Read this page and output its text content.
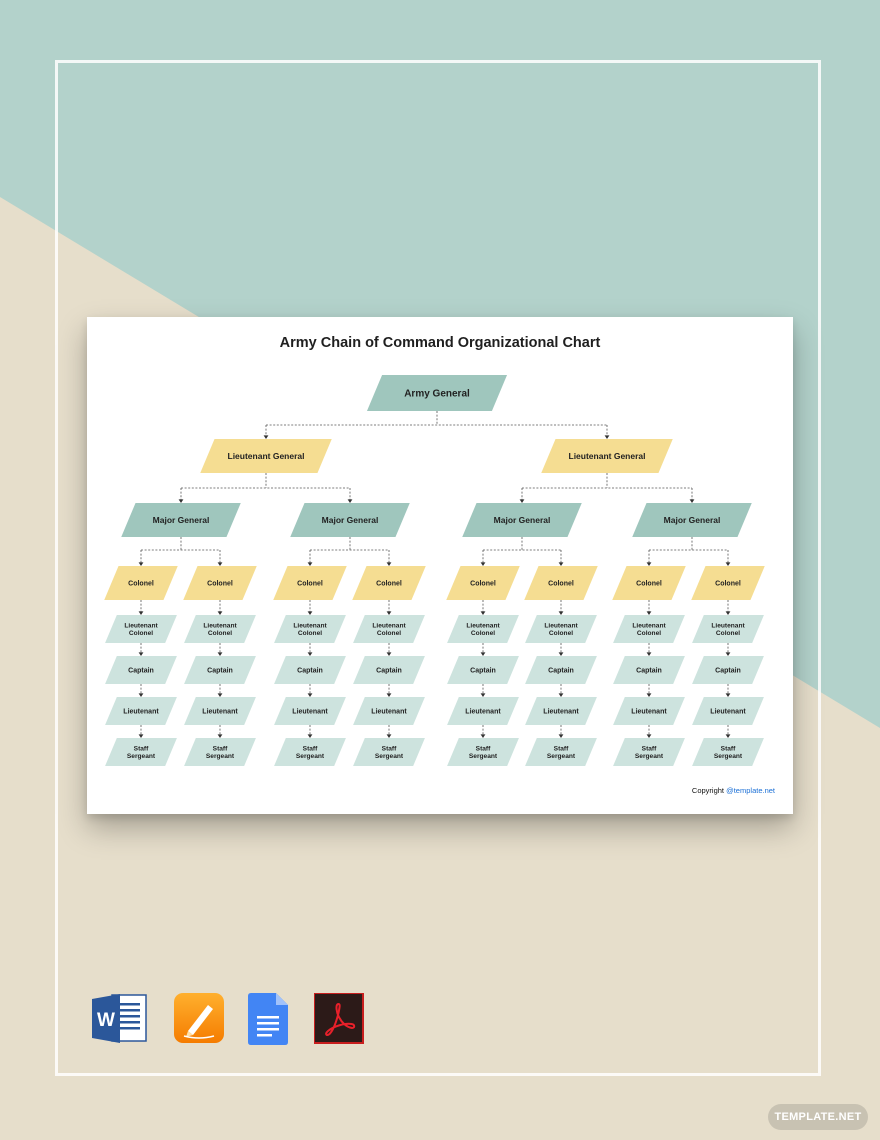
Army Chain of Command Organizational Chart
Army General
Lieutenant General	Lieutenant General
Major General	Major General	Major General	Major General
Colonel
Lieutenant
Colonel
Captain
Lieutenant
Staff
Sergeant
Colonel
Lieutenant
Colonel
Captain
Lieutenant
Staff
Sergeant
Colonel
Lieutenant
Colonel
Captain
Lieutenant
Staff
Sergeant
Colonel
Lieutenant
Colonel
Captain
Lieutenant
Staff
Sergeant
Colonel
Lieutenant
Colonel
Captain
Lieutenant
Staff
Sergeant
Colonel
Lieutenant
Colonel
Captain
Lieutenant
Staff
Sergeant
Colonel
Lieutenant
Colonel
Captain
Lieutenant
Staff
Sergeant
Colonel
Lieutenant
Colonel
Captain
Lieutenant
Staff
Sergeant
Copyright @template.net
W
TEMPLATE.NET
